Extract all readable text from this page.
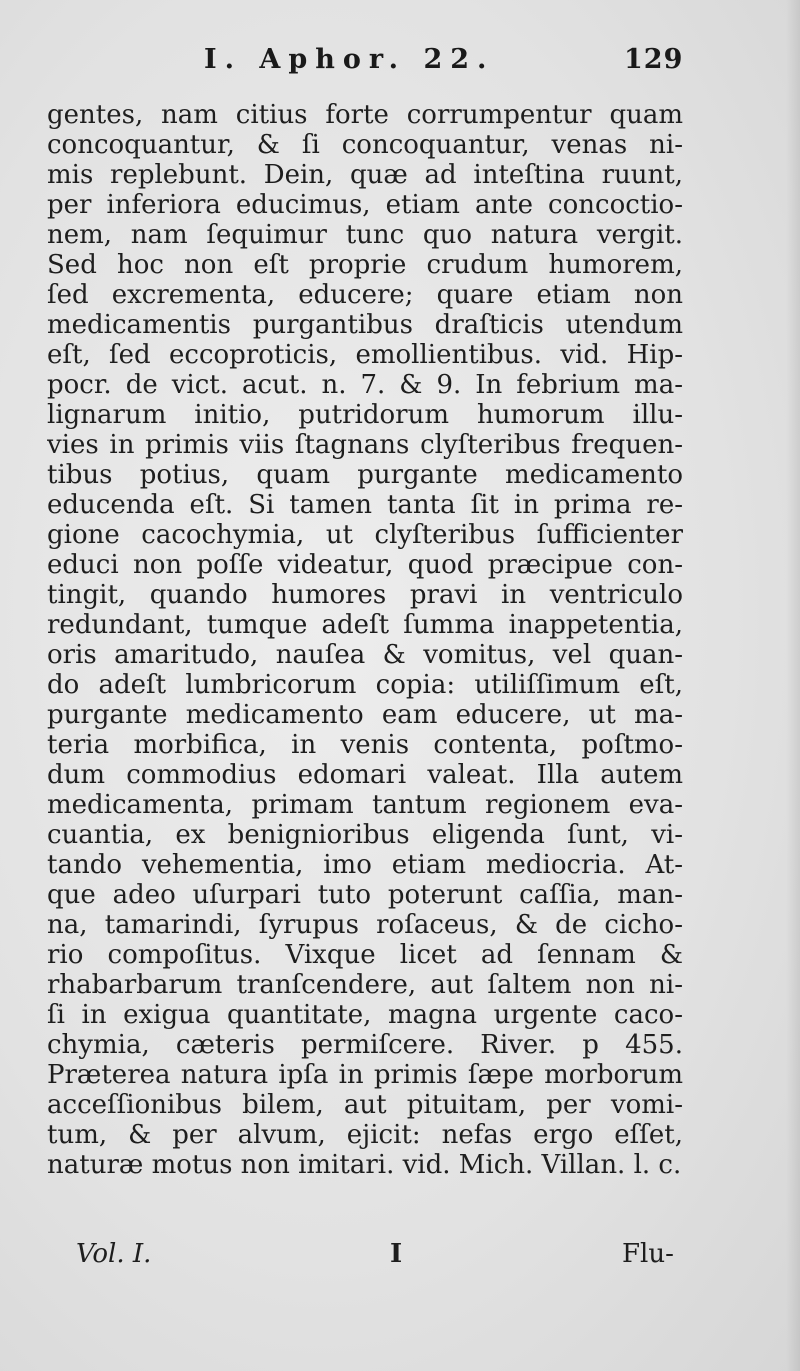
I. Aphor. 22.	129
gentes, nam citius forte corrumpentur quam
concoquantur, & ſi concoquantur, venas ni-
mis replebunt. Dein, quæ ad inteſtina ruunt,
per inferiora educimus, etiam ante concoctio-
nem, nam ſequimur tunc quo natura vergit.
Sed hoc non eſt proprie crudum humorem,
ſed excrementa, educere; quare etiam non
medicamentis purgantibus draſticis utendum
eſt, ſed eccoproticis, emollientibus. vid. Hip-
pocr. de vict. acut. n. 7. & 9. In febrium ma-
lignarum initio, putridorum humorum illu-
vies in primis viis ſtagnans clyſteribus frequen-
tibus potius, quam purgante medicamento
educenda eſt. Si tamen tanta ſit in prima re-
gione cacochymia, ut clyſteribus ſufficienter
educi non poſſe videatur, quod præcipue con-
tingit, quando humores pravi in ventriculo
redundant, tumque adeſt ſumma inappetentia,
oris amaritudo, nauſea & vomitus, vel quan-
do adeſt lumbricorum copia: utiliſſimum eſt,
purgante medicamento eam educere, ut ma-
teria morbifica, in venis contenta, poſtmo-
dum commodius edomari valeat. Illa autem
medicamenta, primam tantum regionem eva-
cuantia, ex benignioribus eligenda ſunt, vi-
tando vehementia, imo etiam mediocria. At-
que adeo uſurpari tuto poterunt caſſia, man-
na, tamarindi, ſyrupus roſaceus, & de cicho-
rio compoſitus. Vixque licet ad ſennam &
rhabarbarum tranſcendere, aut ſaltem non ni-
ſi in exigua quantitate, magna urgente caco-
chymia, cæteris permiſcere. River. p 455.
Præterea natura ipſa in primis ſæpe morborum
acceſſionibus bilem, aut pituitam, per vomi-
tum, & per alvum, ejicit: nefas ergo eſſet,
naturæ motus non imitari. vid. Mich. Villan. l. c.
Vol. I.	I	Flu-
